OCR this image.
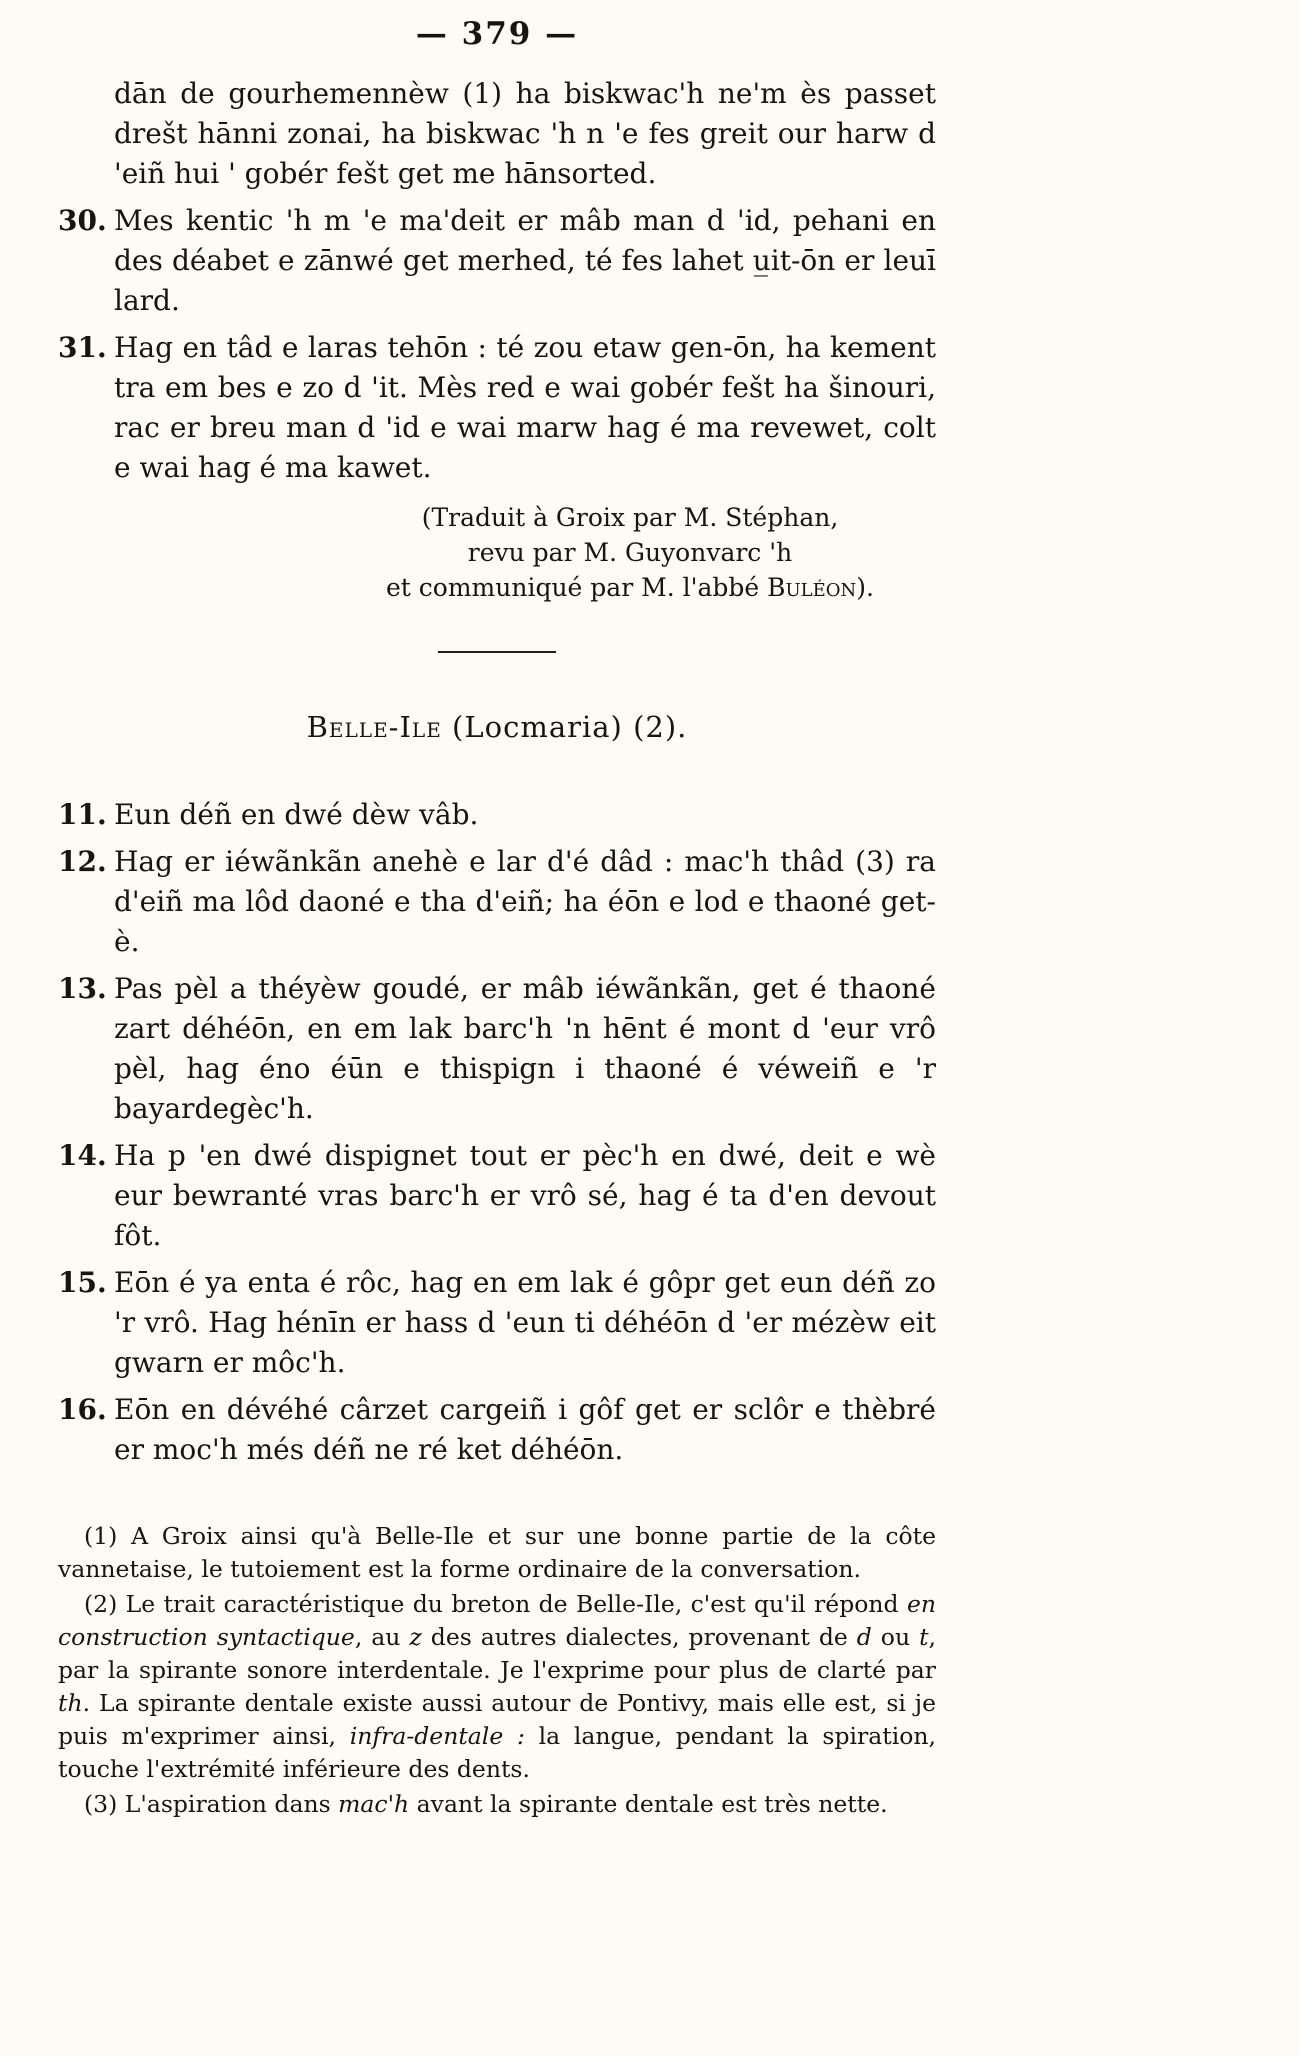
— 379 —

dān de gourhemennèw (1) ha biskwac'h ne'm ès passet drešt hānni zonai, ha biskwac 'h n 'e fes greit our harw d 'eiñ hui ' gobér fešt get me hānsorted.

30. Mes kentic 'h m 'e ma'deit er mâb man d 'id, pehani en des déabet e zānwé get merhed, té fes lahet u̲it-ōn er leuī lard.

31. Hag en tâd e laras tehōn : té zou etaw gen-ōn, ha kement tra em bes e zo d 'it. Mès red e wai gobér fešt ha šinouri, rac er breu man d 'id e wai marw hag é ma revewet, colt e wai hag é ma kawet.

(Traduit à Groix par M. Stéphan,
revu par M. Guyonvarc 'h
et communiqué par M. l'abbé Buléon).
Belle-Ile (Locmaria) (2).

11. Eun déñ en dwé dèw vâb.

12. Hag er iéwãnkãn anehè e lar d'é dâd : mac'h thâd (3) ra d'eiñ ma lôd daoné e tha d'eiñ; ha éōn e lod e thaoné get-è.

13. Pas pèl a théyèw goudé, er mâb iéwãnkãn, get é thaoné zart déhéōn, en em lak barc'h 'n hēnt é mont d 'eur vrô pèl, hag éno éūn e thispign i thaoné é véweiñ e 'r bayardegèc'h.

14. Ha p 'en dwé dispignet tout er pèc'h en dwé, deit e wè eur bewranté vras barc'h er vrô sé, hag é ta d'en devout fôt.

15. Eōn é ya enta é rôc, hag en em lak é gôpr get eun déñ zo 'r vrô. Hag hénīn er hass d 'eun ti déhéōn d 'er mézèw eit gwarn er môc'h.

16. Eōn en dévéhé cârzet cargeiñ i gôf get er sclôr e thèbré er moc'h més déñ ne ré ket déhéōn.

(1) A Groix ainsi qu'à Belle-Ile et sur une bonne partie de la côte vannetaise, le tutoiement est la forme ordinaire de la conversation.

(2) Le trait caractéristique du breton de Belle-Ile, c'est qu'il répond en construction syntactique, au z des autres dialectes, provenant de d ou t, par la spirante sonore interdentale. Je l'exprime pour plus de clarté par th. La spirante dentale existe aussi autour de Pontivy, mais elle est, si je puis m'exprimer ainsi, infra-dentale : la langue, pendant la spiration, touche l'extrémité inférieure des dents.

(3) L'aspiration dans mac'h avant la spirante dentale est très nette.
